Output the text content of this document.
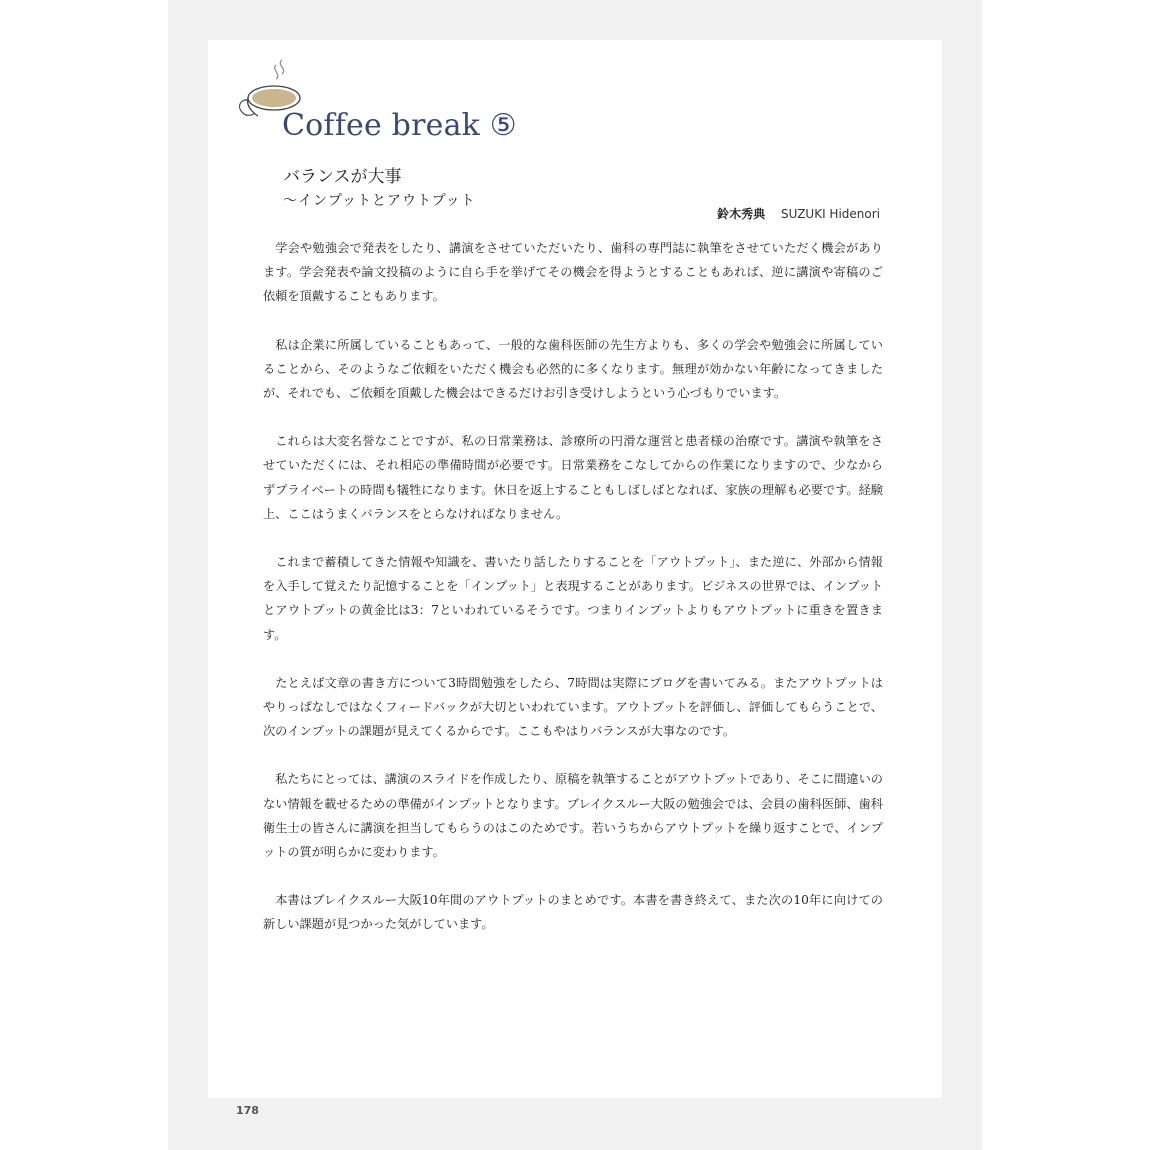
Coffee break ⑤
バランスが大事
〜インプットとアウトプット
鈴木秀典 SUZUKI Hidenori

学会や勉強会で発表をしたり、講演をさせていただいたり、歯科の専門誌に執筆をさせていただく機会があります。学会発表や論文投稿のように自ら手を挙げてその機会を得ようとすることもあれば、逆に講演や寄稿のご依頼を頂戴することもあります。

私は企業に所属していることもあって、一般的な歯科医師の先生方よりも、多くの学会や勉強会に所属していることから、そのようなご依頼をいただく機会も必然的に多くなります。無理が効かない年齢になってきましたが、それでも、ご依頼を頂戴した機会はできるだけお引き受けしようという心づもりでいます。

これらは大変名誉なことですが、私の日常業務は、診療所の円滑な運営と患者様の治療です。講演や執筆をさせていただくには、それ相応の準備時間が必要です。日常業務をこなしてからの作業になりますので、少なからずプライベートの時間も犠牲になります。休日を返上することもしばしばとなれば、家族の理解も必要です。経験上、ここはうまくバランスをとらなければなりません。

これまで蓄積してきた情報や知識を、書いたり話したりすることを「アウトプット」、また逆に、外部から情報を入手して覚えたり記憶することを「インプット」と表現することがあります。ビジネスの世界では、インプットとアウトプットの黄金比は3：7といわれているそうです。つまりインプットよりもアウトプットに重きを置きます。

たとえば文章の書き方について3時間勉強をしたら、7時間は実際にブログを書いてみる。またアウトプットはやりっぱなしではなくフィードバックが大切といわれています。アウトプットを評価し、評価してもらうことで、次のインプットの課題が見えてくるからです。ここもやはりバランスが大事なのです。

私たちにとっては、講演のスライドを作成したり、原稿を執筆することがアウトプットであり、そこに間違いのない情報を載せるための準備がインプットとなります。ブレイクスルー大阪の勉強会では、会員の歯科医師、歯科衛生士の皆さんに講演を担当してもらうのはこのためです。若いうちからアウトプットを繰り返すことで、インプットの質が明らかに変わります。

本書はブレイクスルー大阪10年間のアウトプットのまとめです。本書を書き終えて、また次の10年に向けての新しい課題が見つかった気がしています。

178
